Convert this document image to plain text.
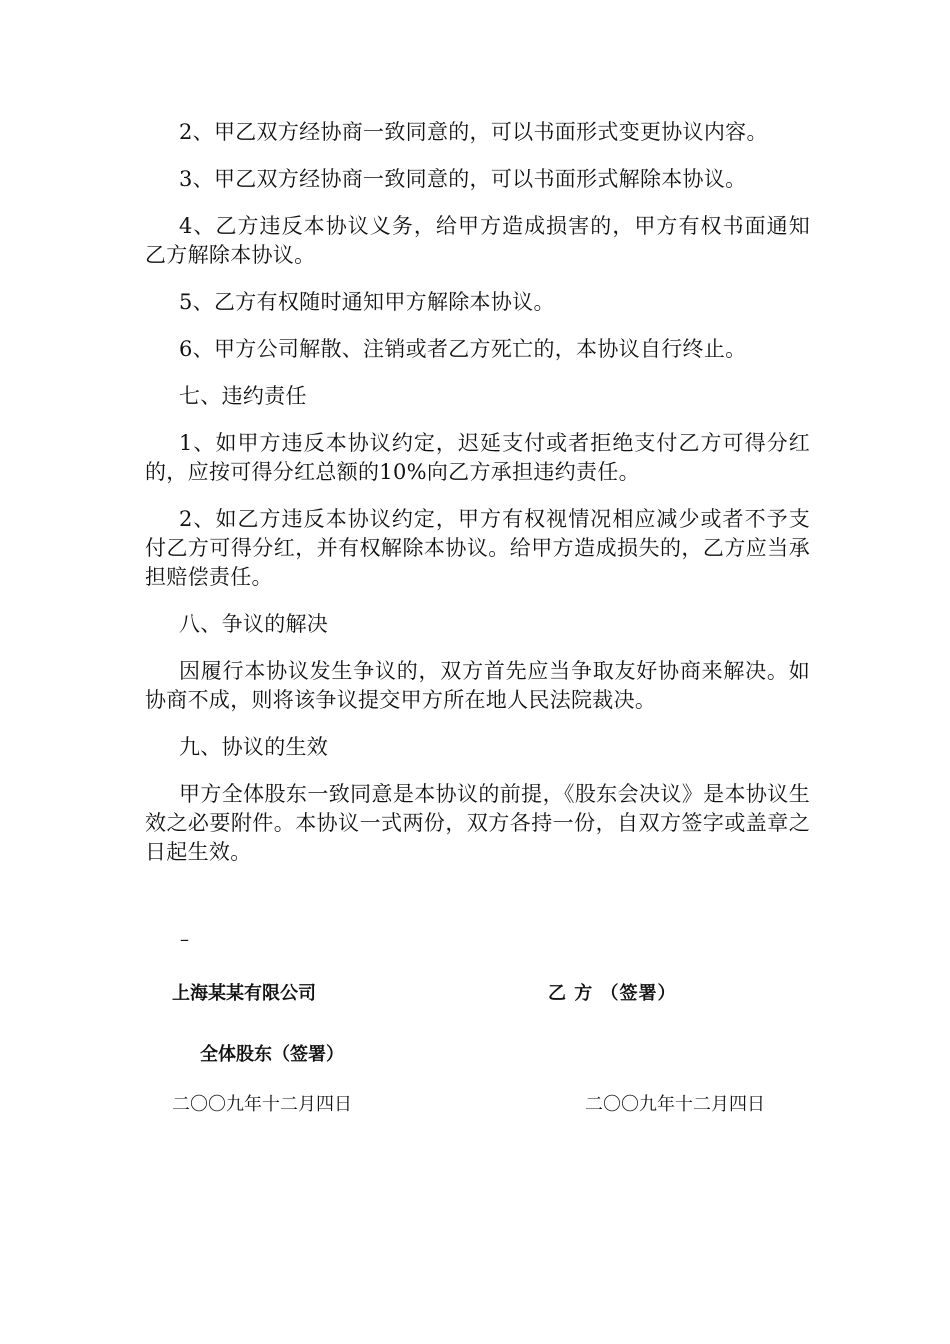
2、甲乙双方经协商一致同意的，可以书面形式变更协议内容。

3、甲乙双方经协商一致同意的，可以书面形式解除本协议。

4、乙方违反本协议义务，给甲方造成损害的，甲方有权书面通知乙方解除本协议。

5、乙方有权随时通知甲方解除本协议。

6、甲方公司解散、注销或者乙方死亡的，本协议自行终止。

七、违约责任

1、如甲方违反本协议约定，迟延支付或者拒绝支付乙方可得分红的，应按可得分红总额的10%向乙方承担违约责任。

2、如乙方违反本协议约定，甲方有权视情况相应减少或者不予支付乙方可得分红，并有权解除本协议。给甲方造成损失的，乙方应当承担赔偿责任。

八、争议的解决

因履行本协议发生争议的，双方首先应当争取友好协商来解决。如协商不成，则将该争议提交甲方所在地人民法院裁决。

九、协议的生效

甲方全体股东一致同意是本协议的前提，《股东会决议》是本协议生效之必要附件。本协议一式两份，双方各持一份，自双方签字或盖章之日起生效。

–
上海某某有限公司	乙 方 （签署）
全体股东（签署）
二〇〇九年十二月四日	二〇〇九年十二月四日
